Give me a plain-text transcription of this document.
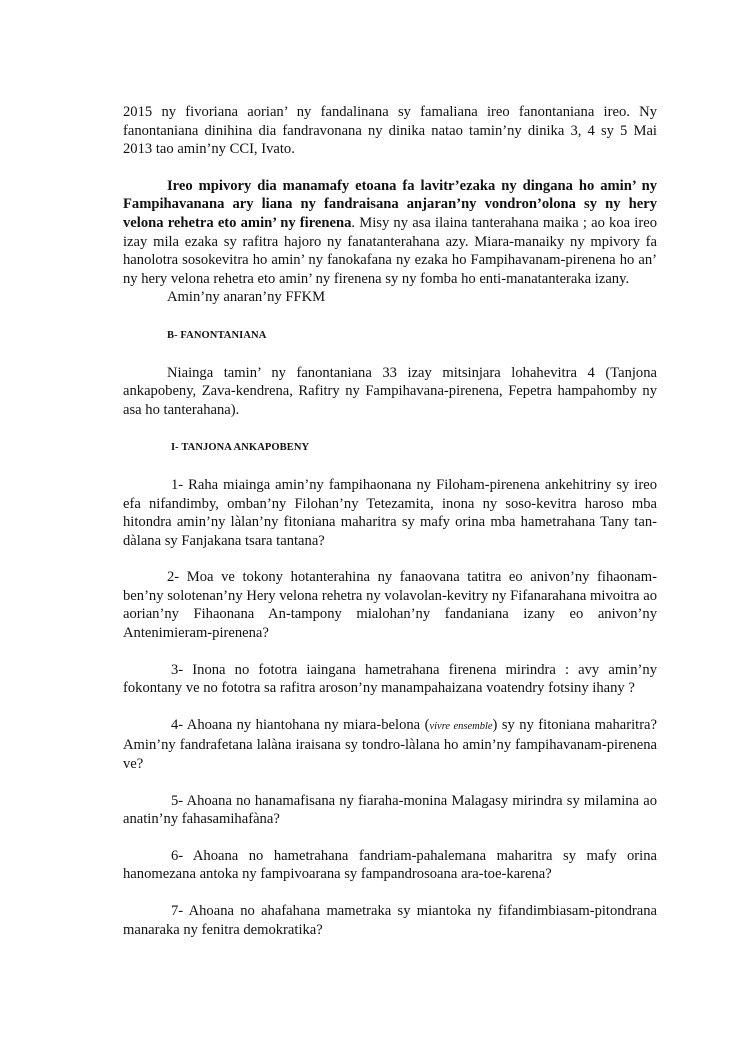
2015 ny fivoriana aorian’ ny fandalinana sy famaliana ireo fanontaniana ireo. Ny fanontaniana dinihina dia fandravonana ny dinika natao tamin’ny dinika 3, 4 sy 5 Mai 2013 tao amin’ny CCI, Ivato.

Ireo mpivory dia manamafy etoana fa lavitr’ezaka ny dingana ho amin’ ny Fampihavanana ary liana ny fandraisana anjaran’ny vondron’olona sy ny hery velona rehetra eto amin’ ny firenena. Misy ny asa ilaina tanterahana maika ; ao koa ireo izay mila ezaka sy rafitra hajoro ny fanatanterahana azy. Miara-manaiky ny mpivory fa hanolotra sosokevitra ho amin’ ny fanokafana ny ezaka ho Fampihavanam-pirenena ho an’ ny hery velona rehetra eto amin’ ny firenena sy ny fomba ho enti-manatanteraka izany.

Amin’ny anaran’ny FFKM

B- FANONTANIANA

Niainga tamin’ ny fanontaniana 33 izay mitsinjara lohahevitra 4 (Tanjona ankapobeny, Zava-kendrena, Rafitry ny Fampihavana-pirenena, Fepetra hampahomby ny asa ho tanterahana).

I- TANJONA ANKAPOBENY

1- Raha miainga amin’ny fampihaonana ny Filoham-pirenena ankehitriny sy ireo efa nifandimby, omban’ny Filohan’ny Tetezamita, inona ny soso-kevitra haroso mba hitondra amin’ny làlan’ny fitoniana maharitra sy mafy orina mba hametrahana Tany tan-dàlana sy Fanjakana tsara tantana?

2- Moa ve tokony hotanterahina ny fanaovana tatitra eo anivon’ny fihaonam-ben’ny solotenan’ny Hery velona rehetra ny volavolan-kevitry ny Fifanarahana mivoitra ao aorian’ny Fihaonana An-tampony mialohan’ny fandaniana izany eo anivon’ny Antenimieram-pirenena?

3- Inona no fototra iaingana hametrahana firenena mirindra : avy amin’ny fokontany ve no fototra sa rafitra aroson’ny manampahaizana voatendry fotsiny ihany ?

4- Ahoana ny hiantohana ny miara-belona (vivre ensemble) sy ny fitoniana maharitra? Amin’ny fandrafetana lalàna iraisana sy tondro-làlana ho amin’ny fampihavanam-pirenena ve?

5- Ahoana no hanamafisana ny fiaraha-monina Malagasy mirindra sy milamina ao anatin’ny fahasamihafàna?

6- Ahoana no hametrahana fandriam-pahalemana maharitra sy mafy orina hanomezana antoka ny fampivoarana sy fampandrosoana ara-toe-karena?

7- Ahoana no ahafahana mametraka sy miantoka ny fifandimbiasam-pitondrana manaraka ny fenitra demokratika?
